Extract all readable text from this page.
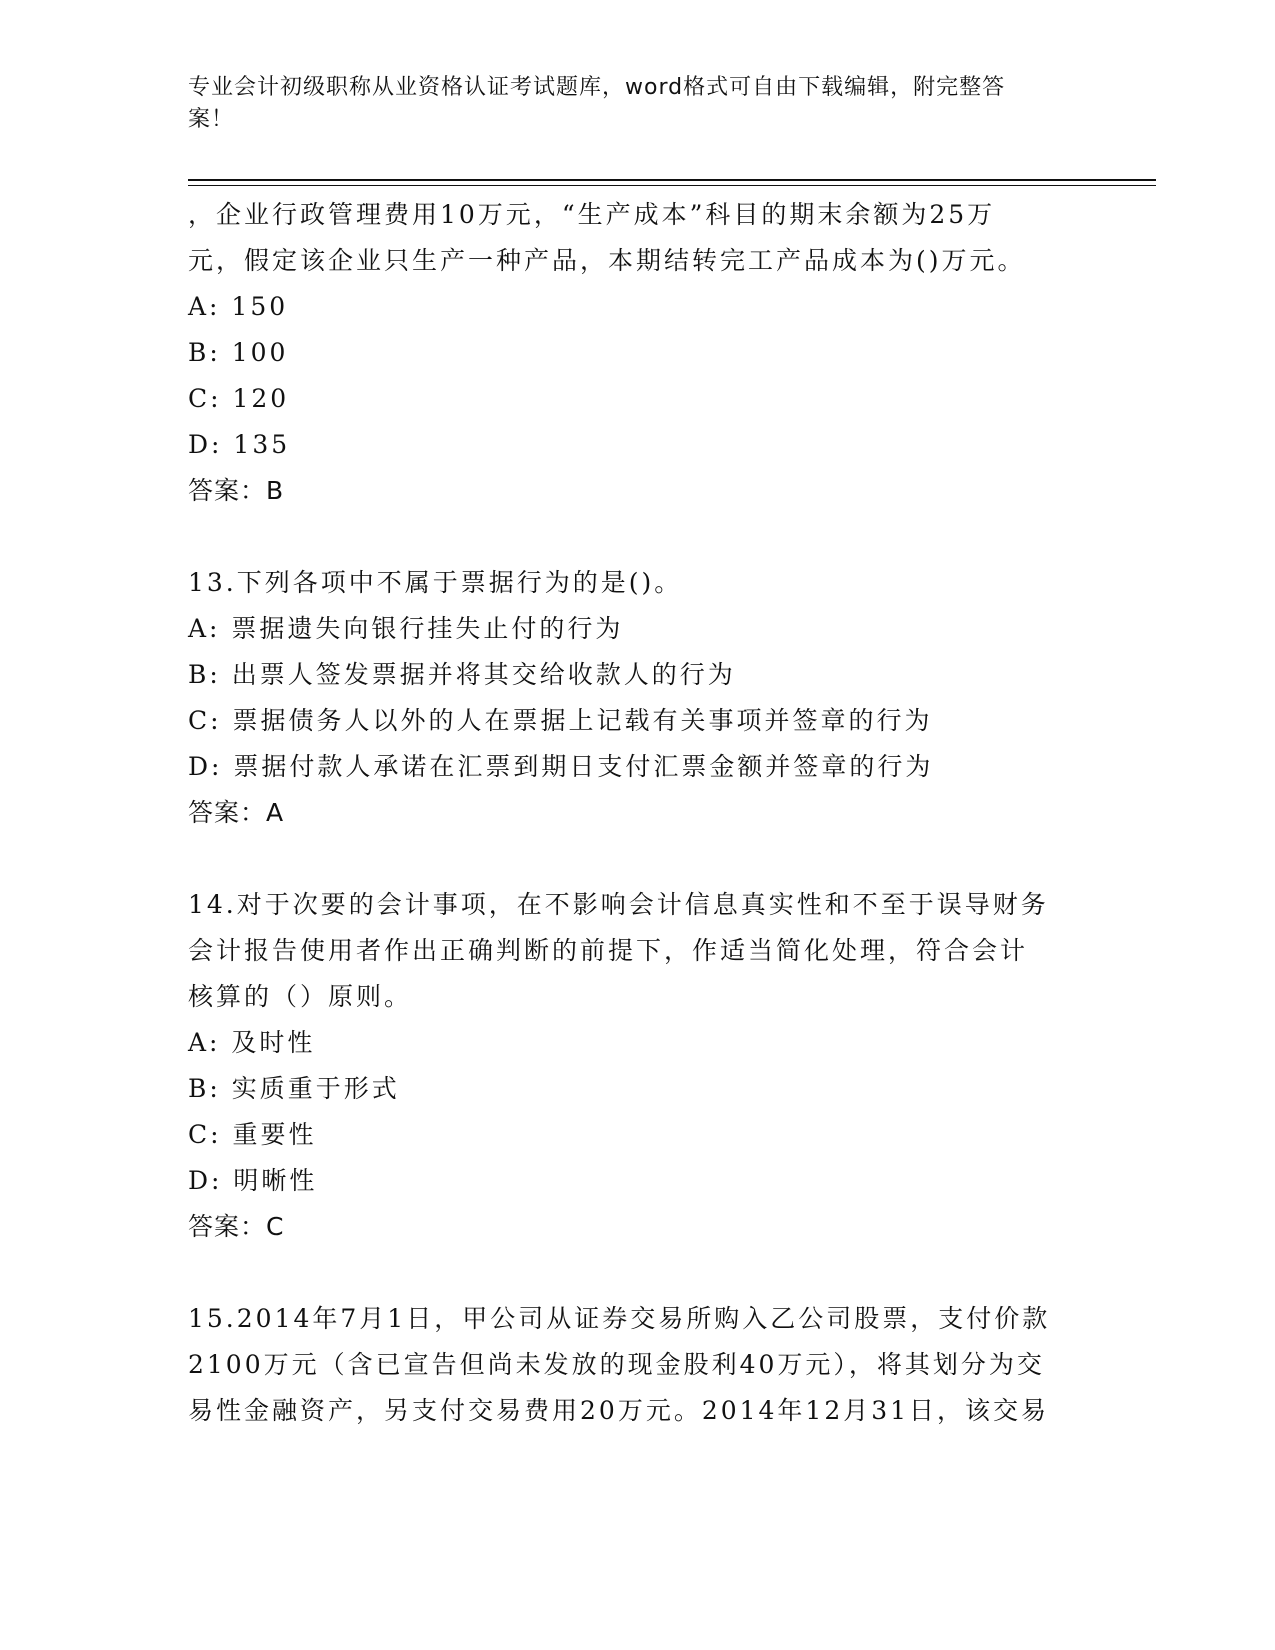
专业会计初级职称从业资格认证考试题库，word格式可自由下载编辑，附完整答
案！
，企业行政管理费用10万元，“生产成本”科目的期末余额为25万
元，假定该企业只生产一种产品，本期结转完工产品成本为()万元。
A: 150
B: 100
C: 120
D: 135
答案：B
13.下列各项中不属于票据行为的是()。
A: 票据遗失向银行挂失止付的行为
B: 出票人签发票据并将其交给收款人的行为
C: 票据债务人以外的人在票据上记载有关事项并签章的行为
D: 票据付款人承诺在汇票到期日支付汇票金额并签章的行为
答案：A
14.对于次要的会计事项，在不影响会计信息真实性和不至于误导财务
会计报告使用者作出正确判断的前提下，作适当简化处理，符合会计
核算的（）原则。
A: 及时性
B: 实质重于形式
C: 重要性
D: 明晰性
答案：C
15.2014年7月1日，甲公司从证券交易所购入乙公司股票，支付价款
2100万元（含已宣告但尚未发放的现金股利40万元），将其划分为交
易性金融资产，另支付交易费用20万元。2014年12月31日，该交易
